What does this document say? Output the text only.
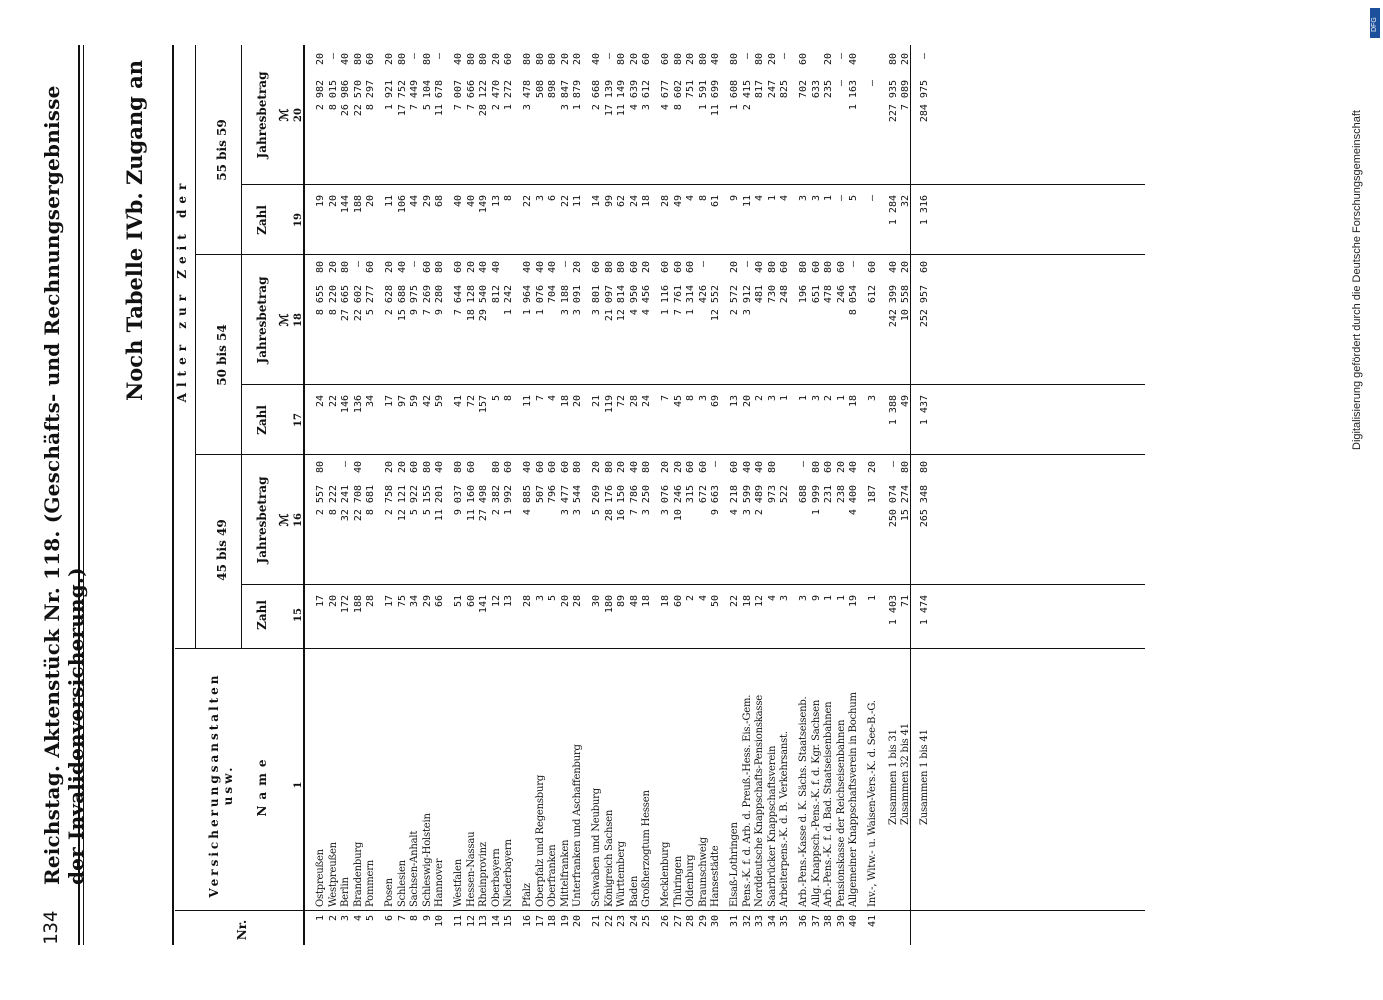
134
Reichstag. Aktenstück Nr. 118. (Geschäfts- und Rechnungsergebnisse der Invalidenversicherung.)
Noch Tabelle IVb. Zugang an Alter zur Zeit der
Nr.
Versicherungsanstalten usw. Name
45 bis 49
50 bis 54
55 bis 59
Zahl
Jahresbetrag
Zahl
Jahresbetrag
Zahl
Jahresbetrag
ℳ
ℳ
ℳ
1
15
16
17
18
19
20
1
Ostpreußen
17
2 557
80
24
8 655
80
19
2 982
20
2
Westpreußen
20
8 222
22
8 220
20
20
8 015
—
3
Berlin
172
32 241
—
146
27 665
80
144
26 986
40
4
Brandenburg
188
22 708
40
136
22 602
—
188
22 570
80
5
Pommern
28
8 681
34
5 277
60
20
8 297
60
6
Posen
17
2 758
20
17
2 628
20
11
1 921
20
7
Schlesien
75
12 121
20
97
15 688
40
106
17 752
80
8
Sachsen-Anhalt
34
5 922
60
59
9 975
—
44
7 449
—
9
Schleswig-Holstein
29
5 155
80
42
7 269
60
29
5 104
80
10
Hannover
66
11 201
40
59
9 280
80
68
11 678
—
11
Westfalen
51
9 037
80
41
7 644
60
40
7 007
40
12
Hessen-Nassau
60
11 160
60
72
18 128
20
40
7 666
80
13
Rheinprovinz
141
27 498
157
29 540
40
149
28 122
80
14
Oberbayern
12
2 382
80
5
812
40
13
2 470
20
15
Niederbayern
13
1 992
60
8
1 242
8
1 272
60
16
Pfalz
28
4 885
40
11
1 964
40
22
3 478
80
17
Oberpfalz und Regensburg
3
507
60
7
1 076
40
3
508
80
18
Oberfranken
5
796
60
4
704
40
6
898
80
19
Mittelfranken
20
3 477
60
18
3 188
—
22
3 847
20
20
Unterfranken und Aschaffenburg
28
3 544
80
20
3 091
20
11
1 879
20
21
Schwaben und Neuburg
30
5 269
20
21
3 801
60
14
2 668
40
22
Königreich Sachsen
180
28 176
80
119
21 097
80
99
17 139
—
23
Württemberg
89
16 150
20
72
12 814
80
62
11 149
80
24
Baden
48
7 786
40
28
4 950
60
24
4 639
20
25
Großherzogtum Hessen
18
3 250
80
24
4 456
20
18
3 612
60
26
Mecklenburg
18
3 076
20
7
1 116
60
28
4 677
60
27
Thüringen
60
10 246
20
45
7 761
60
49
8 602
80
28
Oldenburg
2
315
60
8
1 314
60
4
751
20
29
Braunschweig
4
672
60
3
426
—
8
1 591
80
30
Hansestädte
50
9 663
—
69
12 552
61
11 699
40
31
Elsaß-Lothringen
22
4 218
60
13
2 572
20
9
1 608
80
32
Pens.-K. f. d. Arb. d. Preuß.-Hess. Eis.-Gem.
18
3 599
40
20
3 912
—
11
2 415
—
33
Norddeutsche Knappschafts-Pensionskasse
12
2 489
40
2
481
40
4
817
80
34
Saarbrücker Knappschaftsverein
4
973
80
3
730
80
1
247
20
35
Arbeiterpens.-K. d. B. Verkehrsanst.
3
522
1
248
60
4
825
—
36
Arb.-Pens.-Kasse d. K. Sächs. Staatseisenb.
3
688
—
1
196
80
3
702
60
37
Allg. Knappsch.-Pens.-K. f. d. Kgr. Sachsen
9
1 999
80
3
651
60
3
633
38
Arb.-Pens.-K. f. d. Bad. Staatseisenbahnen
1
231
60
2
478
80
1
235
20
39
Pensionskasse der Reichseisenbahnen
1
238
20
1
246
60
—
—
—
40
Allgemeiner Knappschaftsverein in Bochum
19
4 400
40
18
8 054
—
5
1 163
40
41
Inv.-, Witw.- u. Waisen-Vers.-K. d. See-B.-G.
1
187
20
3
612
60
—
—
Zusammen 1 bis 31
1 403
250 074
—
1 388
242 399
40
1 284
227 935
80
Zusammen 32 bis 41
71
15 274
80
49
10 558
20
32
7 089
20
Zusammen 1 bis 41
1 474
265 348
80
1 437
252 957
60
1 316
284 975
—
DFG
Digitalisierung gefördert durch die Deutsche Forschungsgemeinschaft
